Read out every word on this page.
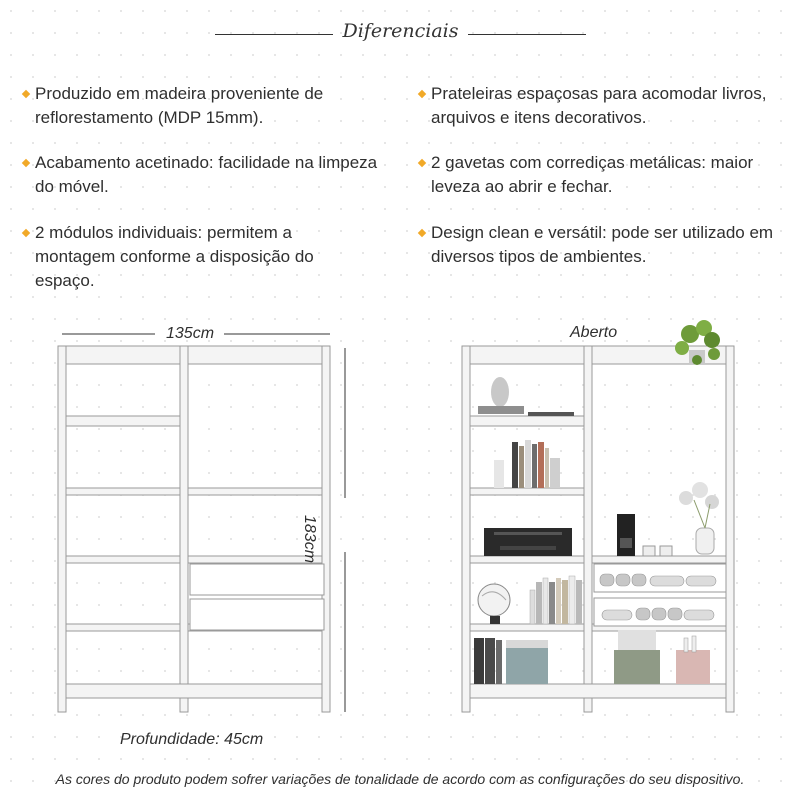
Diferenciais
Produzido em madeira proveniente de reflorestamento (MDP 15mm).
Acabamento acetinado: facilidade na limpeza do móvel.
2 módulos individuais: permitem a montagem conforme a disposição do espaço.
Prateleiras espaçosas para acomodar livros, arquivos e itens decorativos.
2 gavetas com corrediças metálicas: maior leveza ao abrir e fechar.
Design clean e versátil: pode ser utilizado em diversos tipos de ambientes.
135cm
183cm
Aberto
Profundidade: 45cm
As cores do produto podem sofrer variações de tonalidade de acordo com as configurações do seu dispositivo.
